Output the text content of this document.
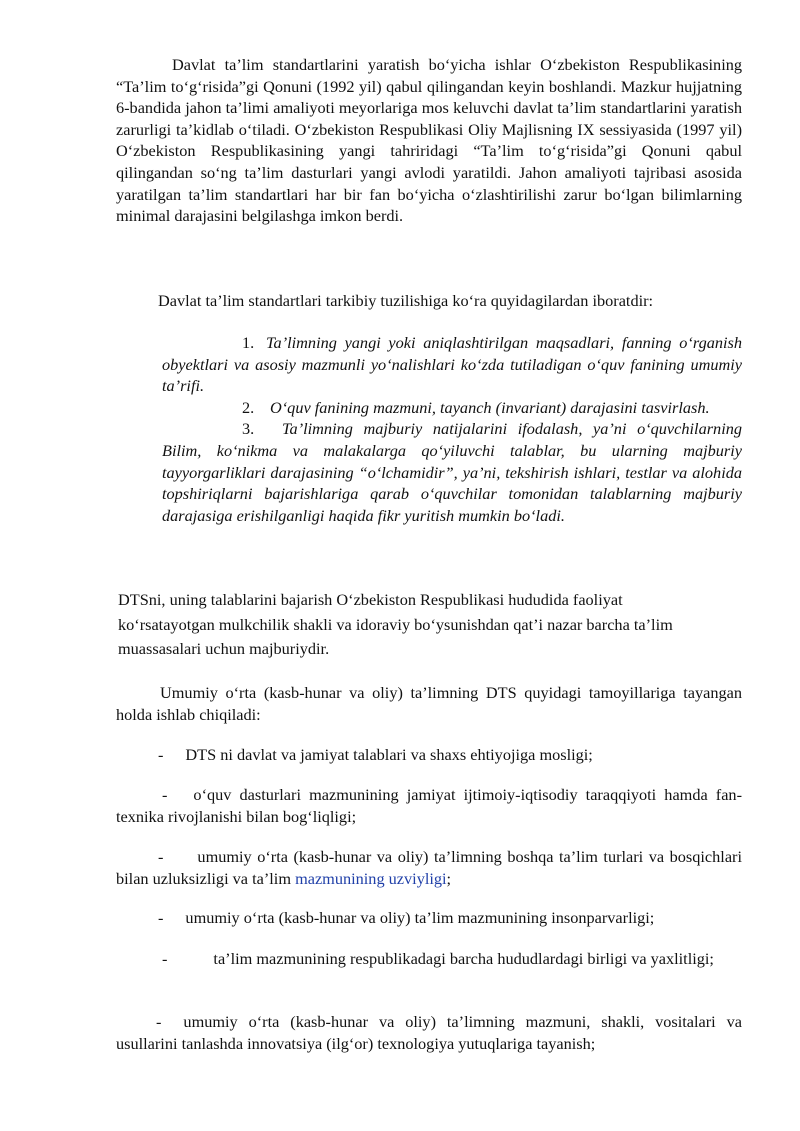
Davlat ta’lim standartlarini yaratish bo‘yicha ishlar O‘zbekiston Respublikasining “Ta’lim to‘g‘risida”gi Qonuni (1992 yil) qabul qilingandan keyin boshlandi. Mazkur hujjatning 6-bandida jahon ta’limi amaliyoti meyorlariga mos keluvchi davlat ta’lim standartlarini yaratish zarurligi ta’kidlab o‘tiladi. O‘zbekiston Respublikasi Oliy Majlisning IX sessiyasida (1997 yil) O‘zbekiston Respublikasining yangi tahriridagi “Ta’lim to‘g‘risida”gi Qonuni qabul qilingandan so‘ng ta’lim dasturlari yangi avlodi yaratildi. Jahon amaliyoti tajribasi asosida yaratilgan ta’lim standartlari har bir fan bo‘yicha o‘zlashtirilishi zarur bo‘lgan bilimlarning minimal darajasini belgilashga imkon berdi.

Davlat ta’lim standartlari tarkibiy tuzilishiga ko‘ra quyidagilardan iboratdir:

1. Ta’limning yangi yoki aniqlashtirilgan maqsadlari, fanning o‘rganish obyektlari va asosiy mazmunli yo‘nalishlari ko‘zda tutiladigan o‘quv fanining umumiy ta’rifi.
2. O‘quv fanining mazmuni, tayanch (invariant) darajasini tasvirlash.
3. Ta’limning majburiy natijalarini ifodalash, ya’ni o‘quvchilarning Bilim, ko‘nikma va malakalarga qo‘yiluvchi talablar, bu ularning majburiy tayyorgarliklari darajasining “o‘lchamidir”, ya’ni, tekshirish ishlari, testlar va alohida topshiriqlarni bajarishlariga qarab o‘quvchilar tomonidan talablarning majburiy darajasiga erishilganligi haqida fikr yuritish mumkin bo‘ladi.

DTSni, uning talablarini bajarish O‘zbekiston Respublikasi hududida faoliyat ko‘rsatayotgan mulkchilik shakli va idoraviy bo‘ysunishdan qat’i nazar barcha ta’lim muassasalari uchun majburiydir.

Umumiy o‘rta (kasb-hunar va oliy) ta’limning DTS quyidagi tamoyillariga tayangan holda ishlab chiqiladi:

- DTS ni davlat va jamiyat talablari va shaxs ehtiyojiga mosligi;

- o‘quv dasturlari mazmunining jamiyat ijtimoiy-iqtisodiy taraqqiyoti hamda fan-texnika rivojlanishi bilan bog‘liqligi;

- umumiy o‘rta (kasb-hunar va oliy) ta’limning boshqa ta’lim turlari va bosqichlari bilan uzluksizligi va ta’lim mazmunining uzviyligi;

- umumiy o‘rta (kasb-hunar va oliy) ta’lim mazmunining insonparvarligi;

-	ta’lim mazmunining respublikadagi barcha hududlardagi birligi va yaxlitligi;

- umumiy o‘rta (kasb-hunar va oliy) ta’limning mazmuni, shakli, vositalari va usullarini tanlashda innovatsiya (ilg‘or) texnologiya yutuqlariga tayanish;
